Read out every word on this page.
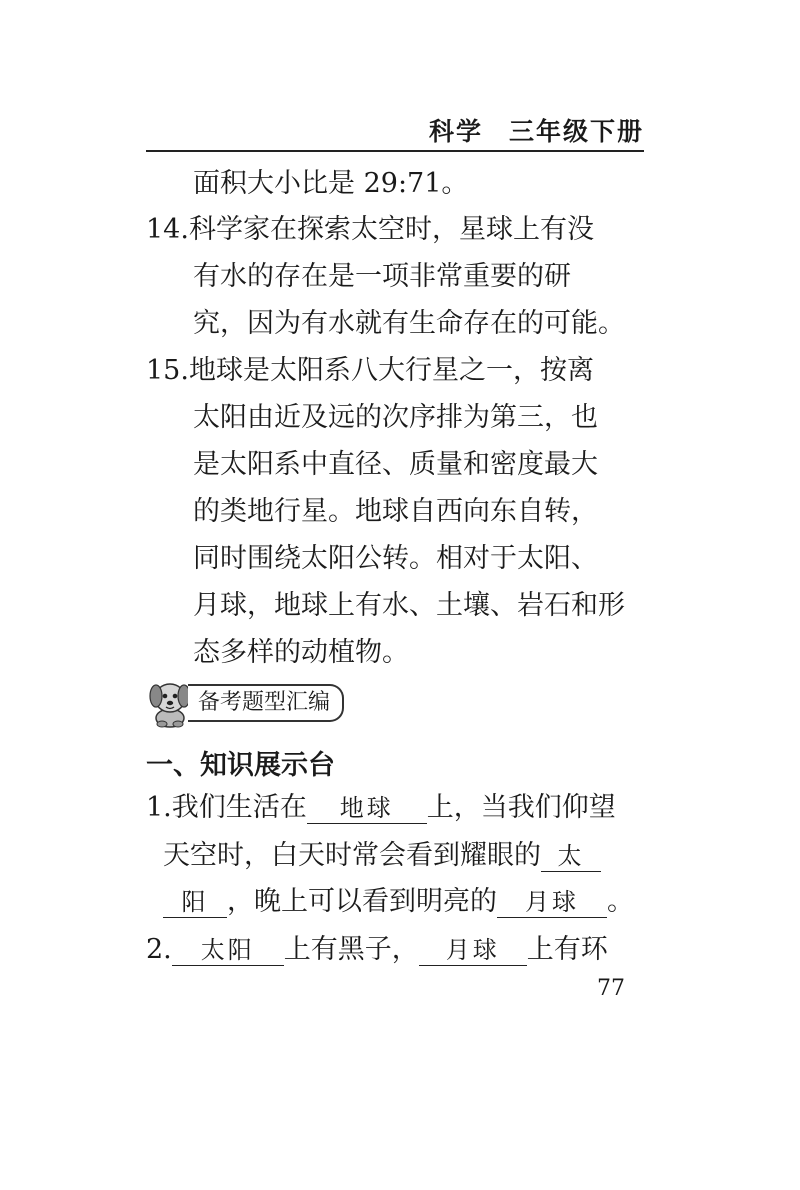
科学 三年级下册
面积大小比是 29:71。
14.科学家在探索太空时，星球上有没
有水的存在是一项非常重要的研
究，因为有水就有生命存在的可能。
15.地球是太阳系八大行星之一，按离
太阳由近及远的次序排为第三，也
是太阳系中直径、质量和密度最大
的类地行星。地球自西向东自转，
同时围绕太阳公转。相对于太阳、
月球，地球上有水、土壤、岩石和形
态多样的动植物。
备考题型汇编
一、知识展示台
1.我们生活在 地球 上，当我们仰望
天空时，白天时常会看到耀眼的 太
阳 ，晚上可以看到明亮的 月球 。
2. 太阳 上有黑子， 月球 上有环
77
